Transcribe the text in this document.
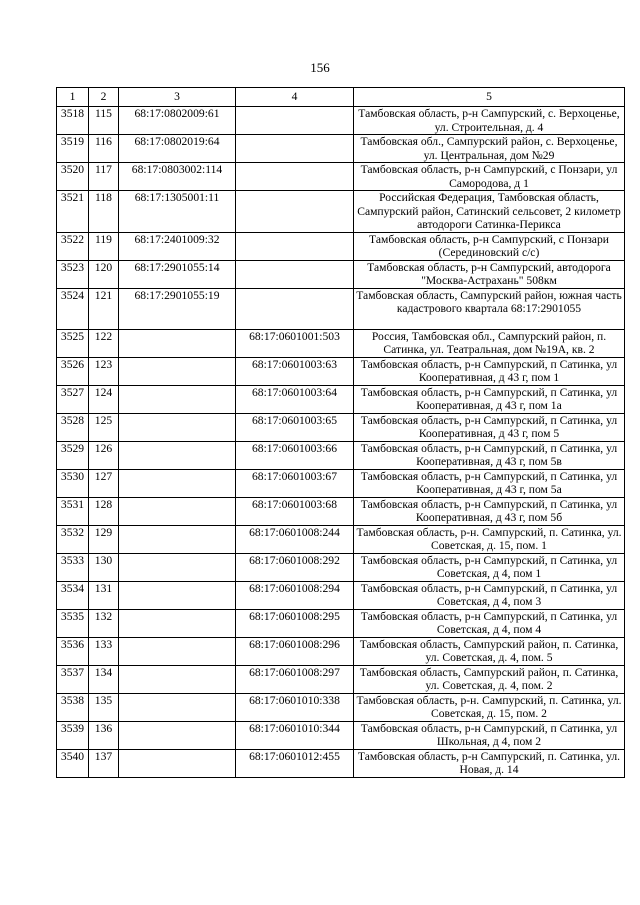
156
1	2	3	4	5
3518	115	68:17:0802009:61		Тамбовская область, р-н Сампурский, с. Верхоценье, ул. Строительная, д. 4
3519	116	68:17:0802019:64		Тамбовская обл., Сампурский район, с. Верхоценье, ул. Центральная, дом №29
3520	117	68:17:0803002:114		Тамбовская область, р-н Сампурский, с Понзари, ул Самородова, д 1
3521	118	68:17:1305001:11		Российская Федерация, Тамбовская область, Сампурский район, Сатинский сельсовет, 2 километр автодороги Сатинка-Перикса
3522	119	68:17:2401009:32		Тамбовская область, р-н Сампурский, с Понзари (Серединовский с/с)
3523	120	68:17:2901055:14		Тамбовская область, р-н Сампурский, автодорога "Москва-Астрахань" 508км
3524	121	68:17:2901055:19		Тамбовская область, Сампурский район, южная часть кадастрового квартала 68:17:2901055
3525	122		68:17:0601001:503	Россия, Тамбовская обл., Сампурский район, п. Сатинка, ул. Театральная, дом №19А, кв. 2
3526	123		68:17:0601003:63	Тамбовская область, р-н Сампурский, п Сатинка, ул Кооперативная, д 43 г, пом 1
3527	124		68:17:0601003:64	Тамбовская область, р-н Сампурский, п Сатинка, ул Кооперативная, д 43 г, пом 1а
3528	125		68:17:0601003:65	Тамбовская область, р-н Сампурский, п Сатинка, ул Кооперативная, д 43 г, пом 5
3529	126		68:17:0601003:66	Тамбовская область, р-н Сампурский, п Сатинка, ул Кооперативная, д 43 г, пом 5в
3530	127		68:17:0601003:67	Тамбовская область, р-н Сампурский, п Сатинка, ул Кооперативная, д 43 г, пом 5а
3531	128		68:17:0601003:68	Тамбовская область, р-н Сампурский, п Сатинка, ул Кооперативная, д 43 г, пом 5б
3532	129		68:17:0601008:244	Тамбовская область, р-н. Сампурский, п. Сатинка, ул. Советская, д. 15, пом. 1
3533	130		68:17:0601008:292	Тамбовская область, р-н Сампурский, п Сатинка, ул Советская, д 4, пом 1
3534	131		68:17:0601008:294	Тамбовская область, р-н Сампурский, п Сатинка, ул Советская, д 4, пом 3
3535	132		68:17:0601008:295	Тамбовская область, р-н Сампурский, п Сатинка, ул Советская, д 4, пом 4
3536	133		68:17:0601008:296	Тамбовская область, Сампурский район, п. Сатинка, ул. Советская, д. 4, пом. 5
3537	134		68:17:0601008:297	Тамбовская область, Сампурский район, п. Сатинка, ул. Советская, д. 4, пом. 2
3538	135		68:17:0601010:338	Тамбовская область, р-н. Сампурский, п. Сатинка, ул. Советская, д. 15, пом. 2
3539	136		68:17:0601010:344	Тамбовская область, р-н Сампурский, п Сатинка, ул Школьная, д 4, пом 2
3540	137		68:17:0601012:455	Тамбовская область, р-н Сампурский, п. Сатинка, ул. Новая, д. 14
